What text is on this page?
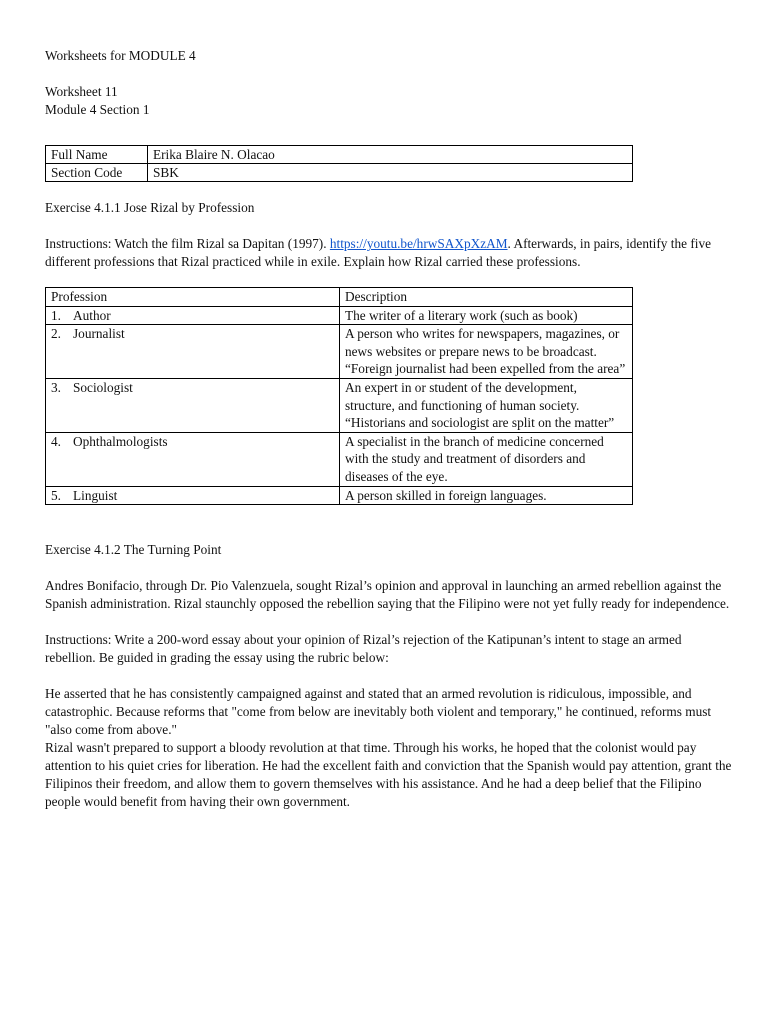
Worksheets for MODULE 4

Worksheet 11

Module 4 Section 1

Full Name	Erika Blaire N. Olacao
Section Code	SBK

Exercise 4.1.1 Jose Rizal by Profession

Instructions: Watch the film Rizal sa Dapitan (1997). https://youtu.be/hrwSAXpXzAM. Afterwards, in pairs, identify the five different professions that Rizal practiced while in exile. Explain how Rizal carried these professions.

Profession	Description
1. Author	The writer of a literary work (such as book)
2. Journalist	A person who writes for newspapers, magazines, or news websites or prepare news to be broadcast. “Foreign journalist had been expelled from the area”
3. Sociologist	An expert in or student of the development, structure, and functioning of human society. “Historians and sociologist are split on the matter”
4. Ophthalmologists	A specialist in the branch of medicine concerned with the study and treatment of disorders and diseases of the eye.
5. Linguist	A person skilled in foreign languages.

Exercise 4.1.2 The Turning Point

Andres Bonifacio, through Dr. Pio Valenzuela, sought Rizal’s opinion and approval in launching an armed rebellion against the Spanish administration. Rizal staunchly opposed the rebellion saying that the Filipino were not yet fully ready for independence.

Instructions: Write a 200-word essay about your opinion of Rizal’s rejection of the Katipunan’s intent to stage an armed rebellion. Be guided in grading the essay using the rubric below:

He asserted that he has consistently campaigned against and stated that an armed revolution is ridiculous, impossible, and catastrophic. Because reforms that "come from below are inevitably both violent and temporary," he continued, reforms must "also come from above."

Rizal wasn't prepared to support a bloody revolution at that time. Through his works, he hoped that the colonist would pay attention to his quiet cries for liberation. He had the excellent faith and conviction that the Spanish would pay attention, grant the Filipinos their freedom, and allow them to govern themselves with his assistance. And he had a deep belief that the Filipino people would benefit from having their own government.
